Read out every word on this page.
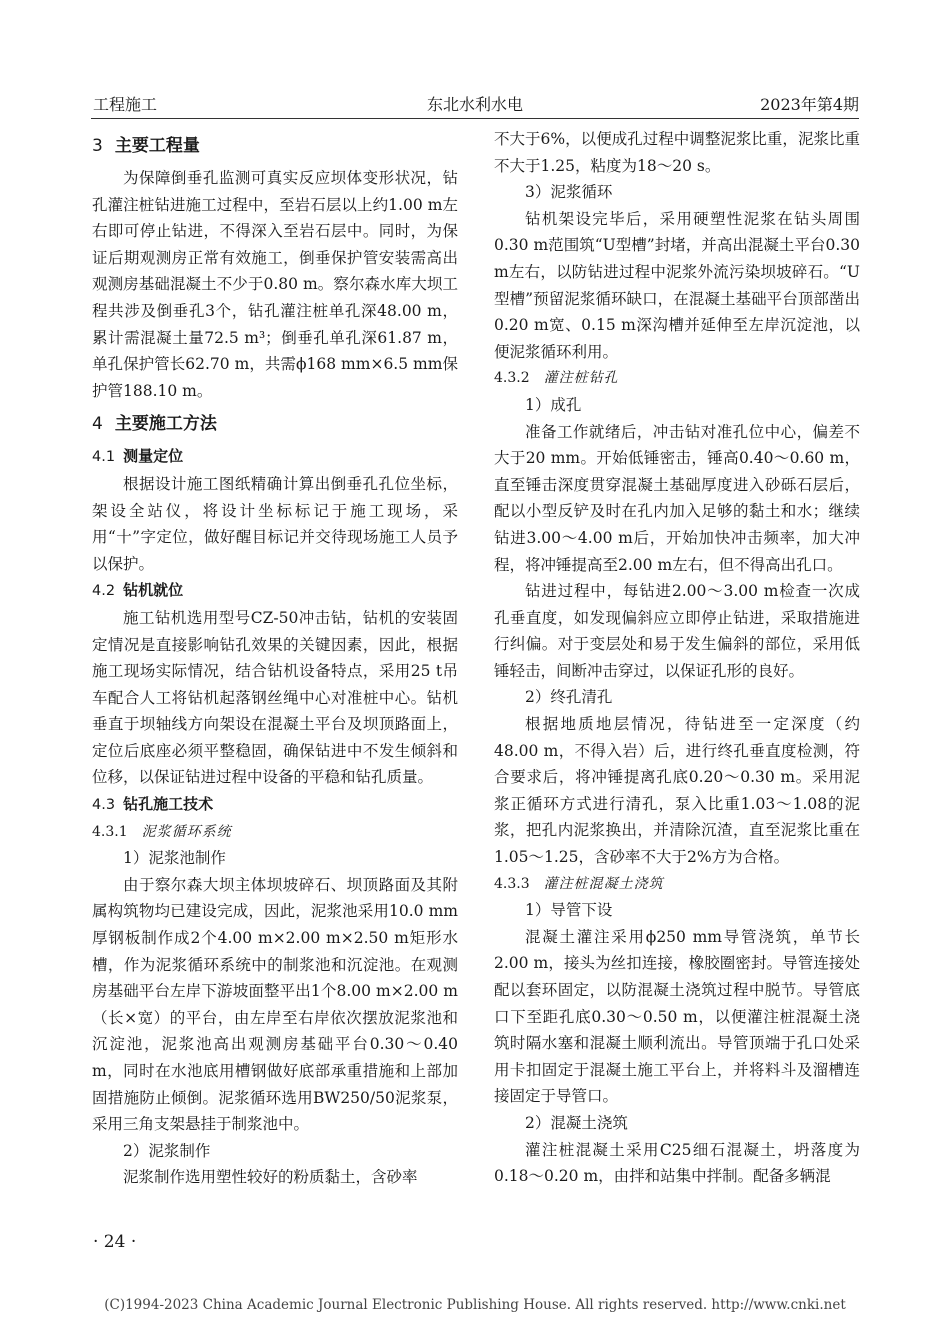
工程施工	东北水利水电	2023年第4期
3 主要工程量

为保障倒垂孔监测可真实反应坝体变形状况，钻孔灌注桩钻进施工过程中，至岩石层以上约1.00 m左右即可停止钻进，不得深入至岩石层中。同时，为保证后期观测房正常有效施工，倒垂保护管安装需高出观测房基础混凝土不少于0.80 m。察尔森水库大坝工程共涉及倒垂孔3个，钻孔灌注桩单孔深48.00 m，累计需混凝土量72.5 m³；倒垂孔单孔深61.87 m，单孔保护管长62.70 m，共需ϕ168 mm×6.5 mm保护管188.10 m。

4 主要施工方法
4.1 测量定位

根据设计施工图纸精确计算出倒垂孔孔位坐标，架设全站仪，将设计坐标标记于施工现场，采用“十”字定位，做好醒目标记并交待现场施工人员予以保护。

4.2 钻机就位

施工钻机选用型号CZ-50冲击钻，钻机的安装固定情况是直接影响钻孔效果的关键因素，因此，根据施工现场实际情况，结合钻机设备特点，采用25 t吊车配合人工将钻机起落钢丝绳中心对准桩中心。钻机垂直于坝轴线方向架设在混凝土平台及坝顶路面上，定位后底座必须平整稳固，确保钻进中不发生倾斜和位移，以保证钻进过程中设备的平稳和钻孔质量。

4.3 钻孔施工技术
4.3.1 泥浆循环系统

1）泥浆池制作

由于察尔森大坝主体坝坡碎石、坝顶路面及其附属构筑物均已建设完成，因此，泥浆池采用10.0 mm厚钢板制作成2个4.00 m×2.00 m×2.50 m矩形水槽，作为泥浆循环系统中的制浆池和沉淀池。在观测房基础平台左岸下游坡面整平出1个8.00 m×2.00 m（长×宽）的平台，由左岸至右岸依次摆放泥浆池和沉淀池，泥浆池高出观测房基础平台0.30～0.40 m，同时在水池底用槽钢做好底部承重措施和上部加固措施防止倾倒。泥浆循环选用BW250/50泥浆泵，采用三角支架悬挂于制浆池中。

2）泥浆制作

泥浆制作选用塑性较好的粉质黏土，含砂率

不大于6%，以便成孔过程中调整泥浆比重，泥浆比重不大于1.25，粘度为18～20 s。

3）泥浆循环

钻机架设完毕后，采用硬塑性泥浆在钻头周围0.30 m范围筑“U型槽”封堵，并高出混凝土平台0.30 m左右，以防钻进过程中泥浆外流污染坝坡碎石。“U型槽”预留泥浆循环缺口，在混凝土基础平台顶部凿出0.20 m宽、0.15 m深沟槽并延伸至左岸沉淀池，以便泥浆循环利用。

4.3.2 灌注桩钻孔

1）成孔

准备工作就绪后，冲击钻对准孔位中心，偏差不大于20 mm。开始低锤密击，锤高0.40～0.60 m，直至锤击深度贯穿混凝土基础厚度进入砂砾石层后，配以小型反铲及时在孔内加入足够的黏土和水；继续钻进3.00～4.00 m后，开始加快冲击频率，加大冲程，将冲锤提高至2.00 m左右，但不得高出孔口。

钻进过程中，每钻进2.00～3.00 m检查一次成孔垂直度，如发现偏斜应立即停止钻进，采取措施进行纠偏。对于变层处和易于发生偏斜的部位，采用低锤轻击，间断冲击穿过，以保证孔形的良好。

2）终孔清孔

根据地质地层情况，待钻进至一定深度（约48.00 m，不得入岩）后，进行终孔垂直度检测，符合要求后，将冲锤提离孔底0.20～0.30 m。采用泥浆正循环方式进行清孔，泵入比重1.03～1.08的泥浆，把孔内泥浆换出，并清除沉渣，直至泥浆比重在1.05～1.25，含砂率不大于2%方为合格。

4.3.3 灌注桩混凝土浇筑

1）导管下设

混凝土灌注采用ϕ250 mm导管浇筑，单节长2.00 m，接头为丝扣连接，橡胶圈密封。导管连接处配以套环固定，以防混凝土浇筑过程中脱节。导管底口下至距孔底0.30～0.50 m，以便灌注桩混凝土浇筑时隔水塞和混凝土顺利流出。导管顶端于孔口处采用卡扣固定于混凝土施工平台上，并将料斗及溜槽连接固定于导管口。

2）混凝土浇筑

灌注桩混凝土采用C25细石混凝土，坍落度为0.18～0.20 m，由拌和站集中拌制。配备多辆混

· 24 ·
(C)1994-2023 China Academic Journal Electronic Publishing House. All rights reserved. http://www.cnki.net
